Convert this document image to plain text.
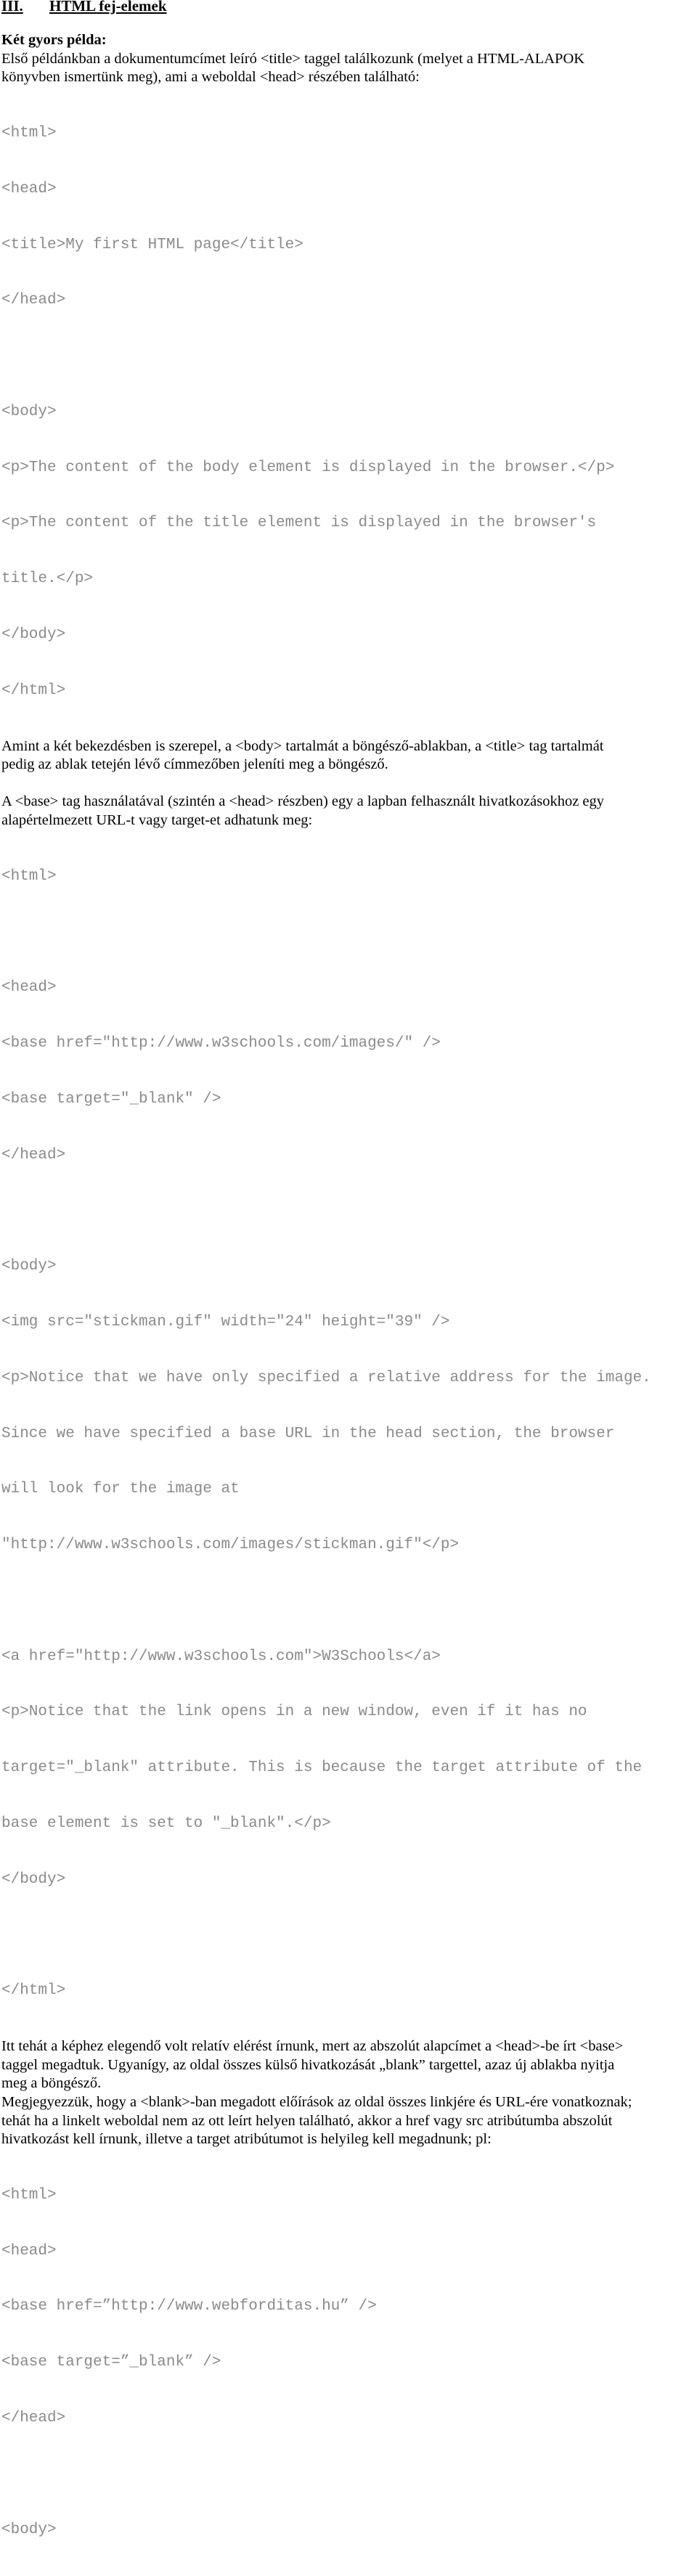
III. HTML fej-elemek
Két gyors példa:
Első példánkban a dokumentumcímet leíró <title> taggel találkozunk (melyet a HTML-ALAPOK
könyvben ismertünk meg), ami a weboldal <head> részében található:

<html>

<head>

<title>My first HTML page</title>

</head>

<body>

<p>The content of the body element is displayed in the browser.</p>

<p>The content of the title element is displayed in the browser's

title.</p>

</body>

</html>

Amint a két bekezdésben is szerepel, a <body> tartalmát a böngésző-ablakban, a <title> tag tartalmát
pedig az ablak tetején lévő címmezőben jeleníti meg a böngésző.
A <base> tag használatával (szintén a <head> részben) egy a lapban felhasznált hivatkozásokhoz egy
alapértelmezett URL-t vagy target-et adhatunk meg:

<html>

<head>

<base href="http://www.w3schools.com/images/" />

<base target="_blank" />

</head>

<body>

<img src="stickman.gif" width="24" height="39" />

<p>Notice that we have only specified a relative address for the image.

Since we have specified a base URL in the head section, the browser

will look for the image at

"http://www.w3schools.com/images/stickman.gif"</p>

<a href="http://www.w3schools.com">W3Schools</a>

<p>Notice that the link opens in a new window, even if it has no

target="_blank" attribute. This is because the target attribute of the

base element is set to "_blank".</p>

</body>

</html>

Itt tehát a képhez elegendő volt relatív elérést írnunk, mert az abszolút alapcímet a <head>-be írt <base>
taggel megadtuk. Ugyanígy, az oldal összes külső hivatkozását „blank” targettel, azaz új ablakba nyitja
meg a böngésző.
Megjegyezzük, hogy a <blank>-ban megadott előírások az oldal összes linkjére és URL-ére vonatkoznak;
tehát ha a linkelt weboldal nem az ott leírt helyen található, akkor a href vagy src atribútumba abszolút
hivatkozást kell írnunk, illetve a target atribútumot is helyileg kell megadnunk; pl:

<html>

<head>

<base href=”http://www.webforditas.hu” />

<base target=”_blank” />

</head>

<body>
